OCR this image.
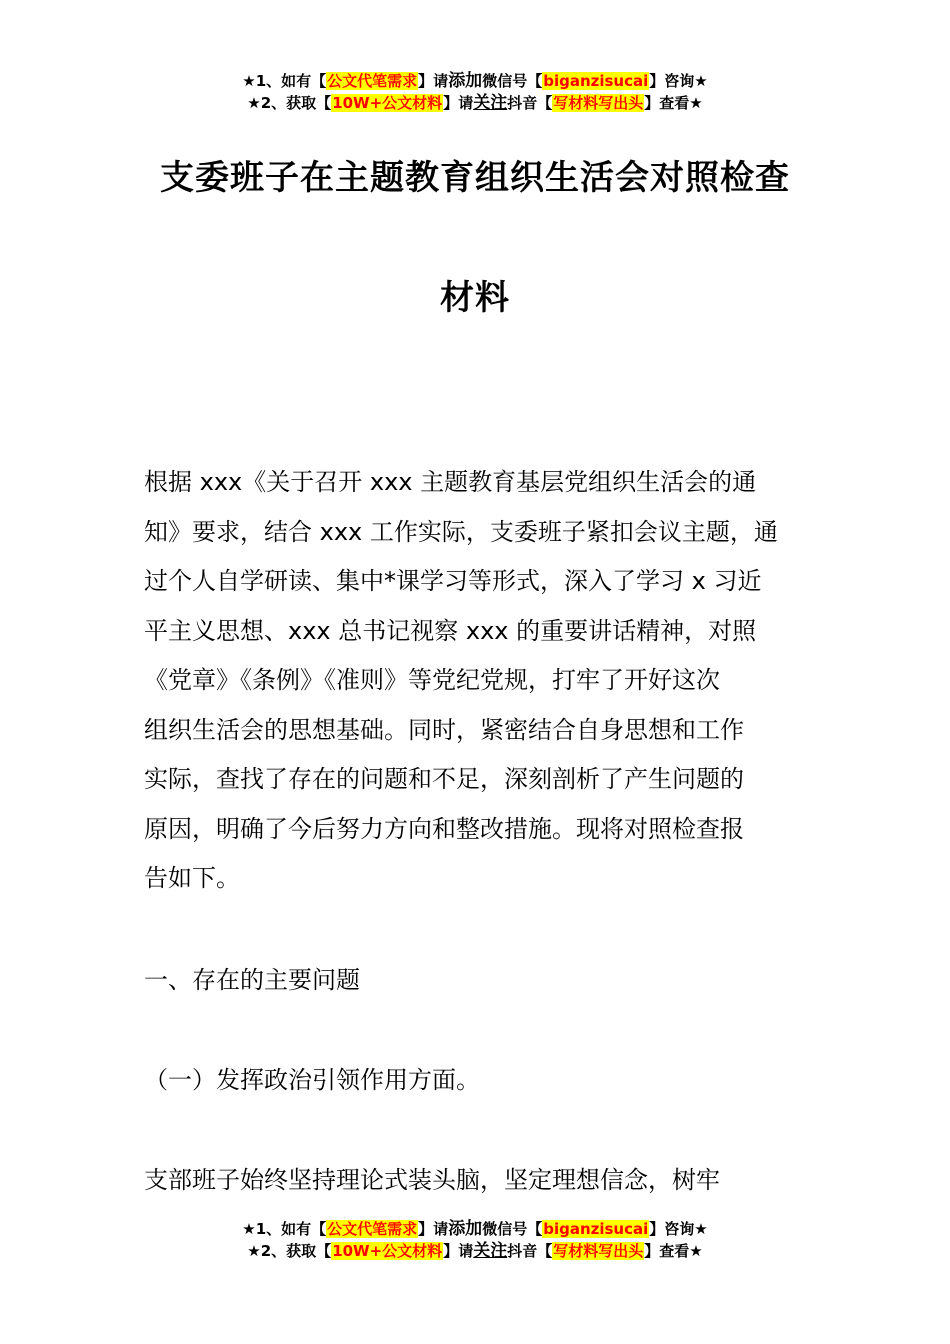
★1、如有【公文代笔需求】请添加微信号【biganzisucai】咨询★
★2、获取【10W+公文材料】请关注抖音【写材料写出头】查看★
支委班子在主题教育组织生活会对照检查
材料
根据 xxx《关于召开 xxx 主题教育基层党组织生活会的通
知》要求，结合 xxx 工作实际，支委班子紧扣会议主题，通
过个人自学研读、集中*课学习等形式，深入了学习 x 习近
平主义思想、xxx 总书记视察 xxx 的重要讲话精神，对照
《党章》《条例》《准则》等党纪党规，打牢了开好这次
组织生活会的思想基础。同时，紧密结合自身思想和工作
实际，查找了存在的问题和不足，深刻剖析了产生问题的
原因，明确了今后努力方向和整改措施。现将对照检查报
告如下。
一、存在的主要问题
（一）发挥政治引领作用方面。
支部班子始终坚持理论式装头脑，坚定理想信念，树牢
★1、如有【公文代笔需求】请添加微信号【biganzisucai】咨询★
★2、获取【10W+公文材料】请关注抖音【写材料写出头】查看★
